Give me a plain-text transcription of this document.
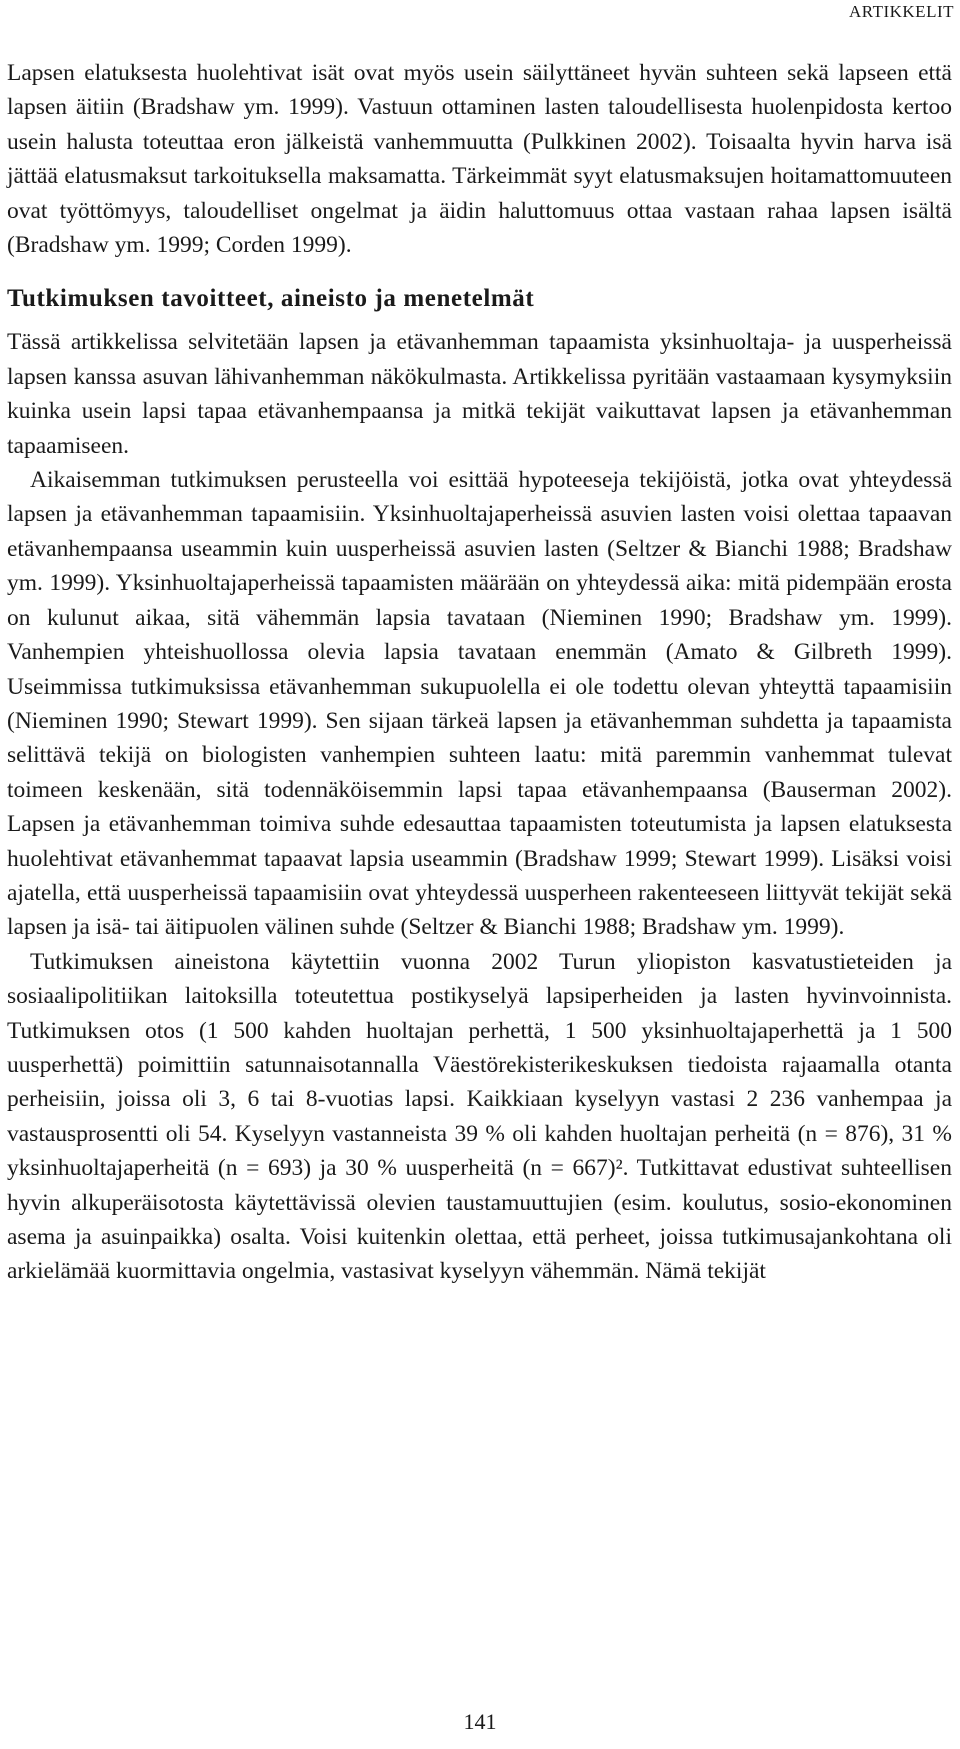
ARTIKKELIT

Lapsen elatuksesta huolehtivat isät ovat myös usein säilyttäneet hyvän suhteen sekä lapseen että lapsen äitiin (Bradshaw ym. 1999). Vastuun ottaminen lasten taloudellisesta huolenpidosta kertoo usein halusta toteuttaa eron jälkeistä vanhemmuutta (Pulkkinen 2002). Toisaalta hyvin harva isä jättää elatusmaksut tarkoituksella maksamatta. Tärkeimmät syyt elatusmaksujen hoitamattomuuteen ovat työttömyys, taloudelliset ongelmat ja äidin haluttomuus ottaa vastaan rahaa lapsen isältä (Bradshaw ym. 1999; Corden 1999).

Tutkimuksen tavoitteet, aineisto ja menetelmät

Tässä artikkelissa selvitetään lapsen ja etävanhemman tapaamista yksinhuoltaja- ja uusperheissä lapsen kanssa asuvan lähivanhemman näkökulmasta. Artikkelissa pyritään vastaamaan kysymyksiin kuinka usein lapsi tapaa etävanhempaansa ja mitkä tekijät vaikuttavat lapsen ja etävanhemman tapaamiseen.

Aikaisemman tutkimuksen perusteella voi esittää hypoteeseja tekijöistä, jotka ovat yhteydessä lapsen ja etävanhemman tapaamisiin. Yksinhuoltajaperheissä asuvien lasten voisi olettaa tapaavan etävanhempaansa useammin kuin uusperheissä asuvien lasten (Seltzer & Bianchi 1988; Bradshaw ym. 1999). Yksinhuoltajaperheissä tapaamisten määrään on yhteydessä aika: mitä pidempään erosta on kulunut aikaa, sitä vähemmän lapsia tavataan (Nieminen 1990; Bradshaw ym. 1999). Vanhempien yhteishuollossa olevia lapsia tavataan enemmän (Amato & Gilbreth 1999). Useimmissa tutkimuksissa etävanhemman sukupuolella ei ole todettu olevan yhteyttä tapaamisiin (Nieminen 1990; Stewart 1999). Sen sijaan tärkeä lapsen ja etävanhemman suhdetta ja tapaamista selittävä tekijä on biologisten vanhempien suhteen laatu: mitä paremmin vanhemmat tulevat toimeen keskenään, sitä todennäköisemmin lapsi tapaa etävanhempaansa (Bauserman 2002). Lapsen ja etävanhemman toimiva suhde edesauttaa tapaamisten toteutumista ja lapsen elatuksesta huolehtivat etävanhemmat tapaavat lapsia useammin (Bradshaw 1999; Stewart 1999). Lisäksi voisi ajatella, että uusperheissä tapaamisiin ovat yhteydessä uusperheen rakenteeseen liittyvät tekijät sekä lapsen ja isä- tai äitipuolen välinen suhde (Seltzer & Bianchi 1988; Bradshaw ym. 1999).

Tutkimuksen aineistona käytettiin vuonna 2002 Turun yliopiston kasvatustieteiden ja sosiaalipolitiikan laitoksilla toteutettua postikyselyä lapsiperheiden ja lasten hyvinvoinnista. Tutkimuksen otos (1 500 kahden huoltajan perhettä, 1 500 yksinhuoltajaperhettä ja 1 500 uusperhettä) poimittiin satunnaisotannalla Väestörekisterikeskuksen tiedoista rajaamalla otanta perheisiin, joissa oli 3, 6 tai 8-vuotias lapsi. Kaikkiaan kyselyyn vastasi 2 236 vanhempaa ja vastausprosentti oli 54. Kyselyyn vastanneista 39 % oli kahden huoltajan perheitä (n = 876), 31 % yksinhuoltajaperheitä (n = 693) ja 30 % uusperheitä (n = 667)². Tutkittavat edustivat suhteellisen hyvin alkuperäisotosta käytettävissä olevien taustamuuttujien (esim. koulutus, sosio-ekonominen asema ja asuinpaikka) osalta. Voisi kuitenkin olettaa, että perheet, joissa tutkimusajankohtana oli arkielämää kuormittavia ongelmia, vastasivat kyselyyn vähemmän. Nämä tekijät

141
